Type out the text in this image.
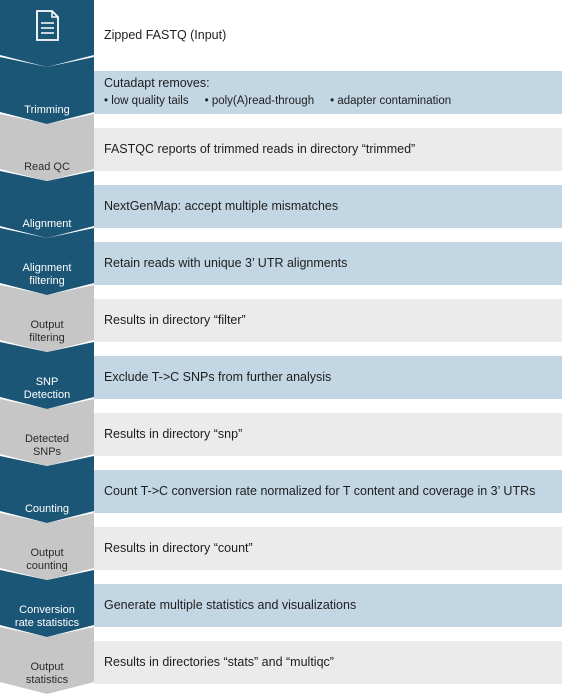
Zipped FASTQ (Input)
Cutadapt removes:
• low quality tails	• poly(A)read-through	• adapter contamination
Trimming
FASTQC reports of trimmed reads in directory “trimmed”
Read QC
NextGenMap: accept multiple mismatches
Alignment
Retain reads with unique 3’ UTR alignments
Alignment
filtering
Results in directory “filter”
Output
filtering
Exclude T->C SNPs from further analysis
SNP
Detection
Results in directory “snp”
Detected
SNPs
Count T->C conversion rate normalized for T content and coverage in 3’ UTRs
Counting
Results in directory “count”
Output
counting
Generate multiple statistics and visualizations
Conversion
rate statistics
Results in directories “stats” and “multiqc”
Output
statistics
